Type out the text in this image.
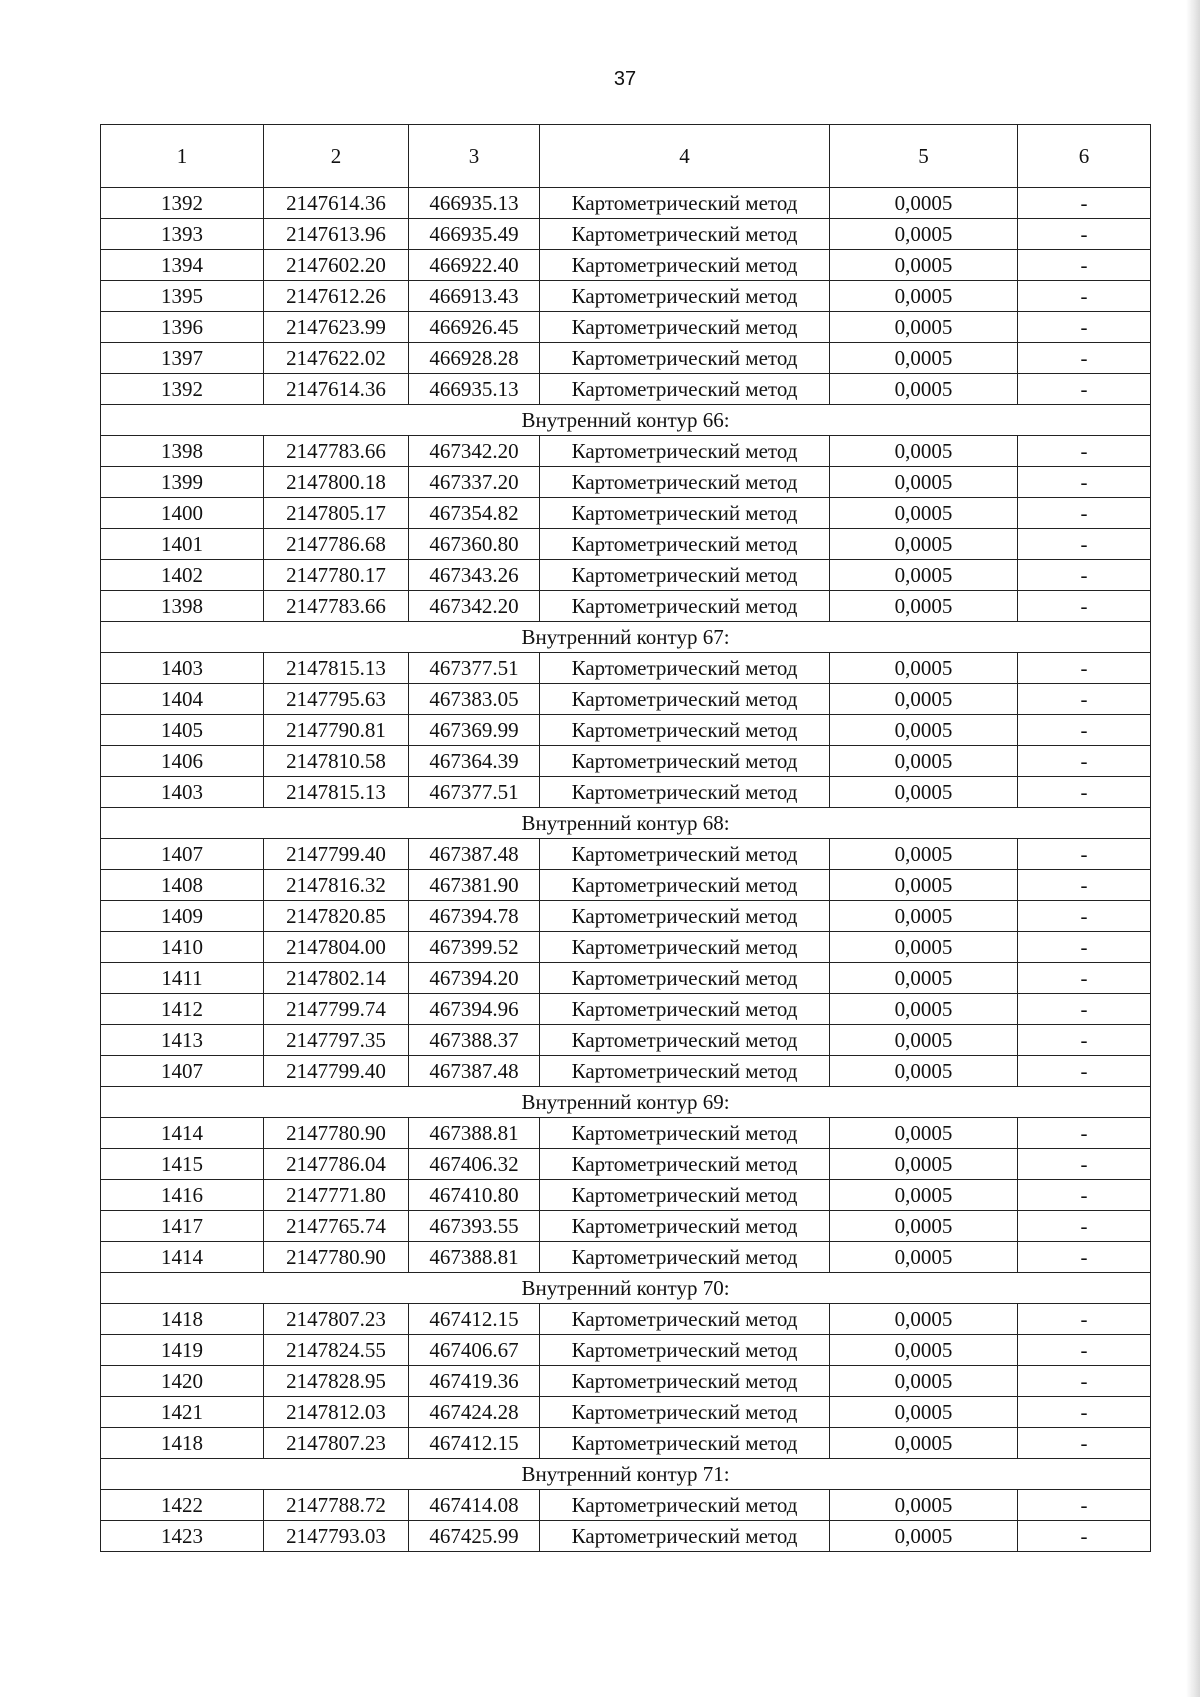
37
1	2	3	4	5	6
1392	2147614.36	466935.13	Картометрический метод	0,0005	-
1393	2147613.96	466935.49	Картометрический метод	0,0005	-
1394	2147602.20	466922.40	Картометрический метод	0,0005	-
1395	2147612.26	466913.43	Картометрический метод	0,0005	-
1396	2147623.99	466926.45	Картометрический метод	0,0005	-
1397	2147622.02	466928.28	Картометрический метод	0,0005	-
1392	2147614.36	466935.13	Картометрический метод	0,0005	-
Внутренний контур 66:					
1398	2147783.66	467342.20	Картометрический метод	0,0005	-
1399	2147800.18	467337.20	Картометрический метод	0,0005	-
1400	2147805.17	467354.82	Картометрический метод	0,0005	-
1401	2147786.68	467360.80	Картометрический метод	0,0005	-
1402	2147780.17	467343.26	Картометрический метод	0,0005	-
1398	2147783.66	467342.20	Картометрический метод	0,0005	-
Внутренний контур 67:					
1403	2147815.13	467377.51	Картометрический метод	0,0005	-
1404	2147795.63	467383.05	Картометрический метод	0,0005	-
1405	2147790.81	467369.99	Картометрический метод	0,0005	-
1406	2147810.58	467364.39	Картометрический метод	0,0005	-
1403	2147815.13	467377.51	Картометрический метод	0,0005	-
Внутренний контур 68:					
1407	2147799.40	467387.48	Картометрический метод	0,0005	-
1408	2147816.32	467381.90	Картометрический метод	0,0005	-
1409	2147820.85	467394.78	Картометрический метод	0,0005	-
1410	2147804.00	467399.52	Картометрический метод	0,0005	-
1411	2147802.14	467394.20	Картометрический метод	0,0005	-
1412	2147799.74	467394.96	Картометрический метод	0,0005	-
1413	2147797.35	467388.37	Картометрический метод	0,0005	-
1407	2147799.40	467387.48	Картометрический метод	0,0005	-
Внутренний контур 69:					
1414	2147780.90	467388.81	Картометрический метод	0,0005	-
1415	2147786.04	467406.32	Картометрический метод	0,0005	-
1416	2147771.80	467410.80	Картометрический метод	0,0005	-
1417	2147765.74	467393.55	Картометрический метод	0,0005	-
1414	2147780.90	467388.81	Картометрический метод	0,0005	-
Внутренний контур 70:					
1418	2147807.23	467412.15	Картометрический метод	0,0005	-
1419	2147824.55	467406.67	Картометрический метод	0,0005	-
1420	2147828.95	467419.36	Картометрический метод	0,0005	-
1421	2147812.03	467424.28	Картометрический метод	0,0005	-
1418	2147807.23	467412.15	Картометрический метод	0,0005	-
Внутренний контур 71:					
1422	2147788.72	467414.08	Картометрический метод	0,0005	-
1423	2147793.03	467425.99	Картометрический метод	0,0005	-
